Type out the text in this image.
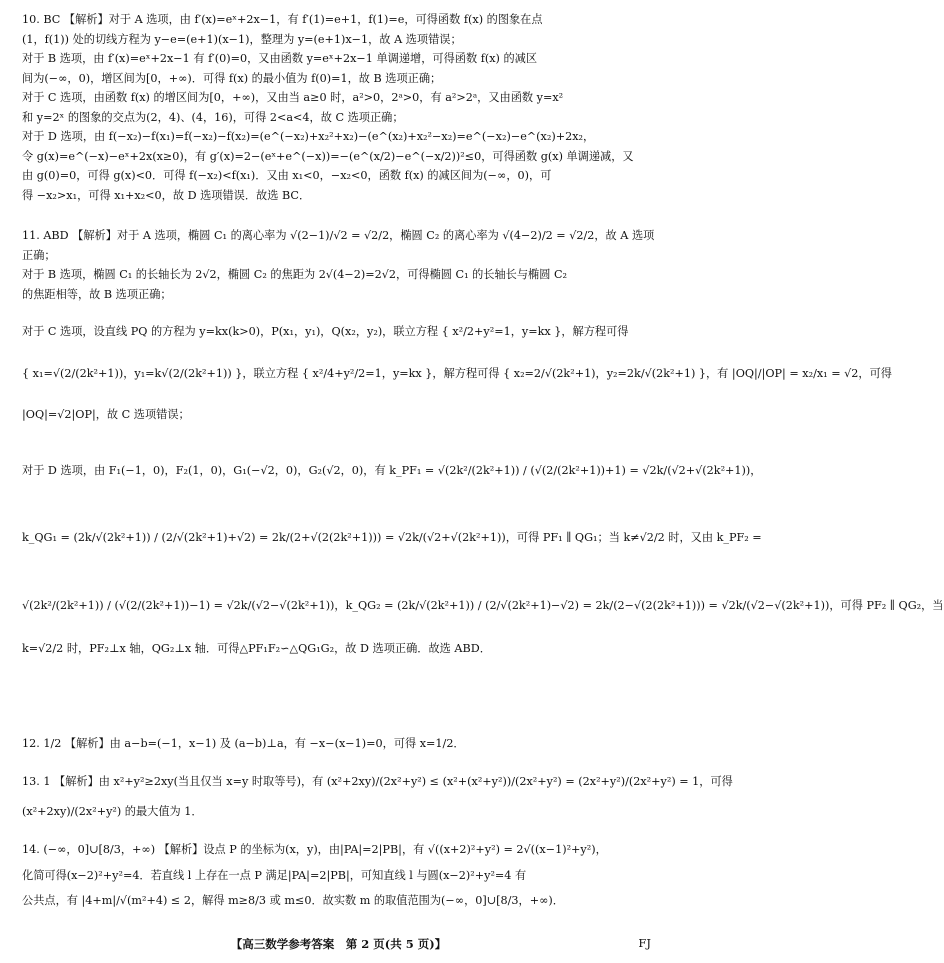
10. BC 【解析】对于 A 选项，由 f′(x)=eˣ+2x−1，有 f′(1)=e+1，f(1)=e，可得函数 f(x) 的图象在点
(1，f(1)) 处的切线方程为 y−e=(e+1)(x−1)，整理为 y=(e+1)x−1，故 A 选项错误；
对于 B 选项，由 f′(x)=eˣ+2x−1 有 f′(0)=0，又由函数 y=eˣ+2x−1 单调递增，可得函数 f(x) 的减区
间为(−∞，0)，增区间为[0，+∞)．可得 f(x) 的最小值为 f(0)=1，故 B 选项正确；
对于 C 选项，由函数 f(x) 的增区间为[0，+∞)，又由当 a≥0 时，a²>0，2ᵃ>0，有 a²>2ᵃ，又由函数 y=x²
和 y=2ˣ 的图象的交点为(2，4)、(4，16)，可得 2<a<4，故 C 选项正确；
对于 D 选项，由 f(−x₂)−f(x₁)=f(−x₂)−f(x₂)=(e^(−x₂)+x₂²+x₂)−(e^(x₂)+x₂²−x₂)=e^(−x₂)−e^(x₂)+2x₂，
令 g(x)=e^(−x)−eˣ+2x(x≥0)，有 g′(x)=2−(eˣ+e^(−x))=−(e^(x/2)−e^(−x/2))²≤0，可得函数 g(x) 单调递减，又
由 g(0)=0，可得 g(x)<0．可得 f(−x₂)<f(x₁)．又由 x₁<0，−x₂<0，函数 f(x) 的减区间为(−∞，0)，可
得 −x₂>x₁，可得 x₁+x₂<0，故 D 选项错误．故选 BC．
11. ABD 【解析】对于 A 选项，椭圆 C₁ 的离心率为 √(2−1)/√2 = √2/2，椭圆 C₂ 的离心率为 √(4−2)/2 = √2/2，故 A 选项
正确；
对于 B 选项，椭圆 C₁ 的长轴长为 2√2，椭圆 C₂ 的焦距为 2√(4−2)=2√2，可得椭圆 C₁ 的长轴长与椭圆 C₂
的焦距相等，故 B 选项正确；
对于 C 选项，设直线 PQ 的方程为 y=kx(k>0)，P(x₁，y₁)，Q(x₂，y₂)，联立方程 { x²/2+y²=1，y=kx }，解方程可得
{ x₁=√(2/(2k²+1))，y₁=k√(2/(2k²+1)) }，联立方程 { x²/4+y²/2=1，y=kx }，解方程可得 { x₂=2/√(2k²+1)，y₂=2k/√(2k²+1) }，有 |OQ|/|OP| = x₂/x₁ = √2，可得
|OQ|=√2|OP|，故 C 选项错误；
对于 D 选项，由 F₁(−1，0)，F₂(1，0)，G₁(−√2，0)，G₂(√2，0)，有 k_PF₁ = √(2k²/(2k²+1)) / (√(2/(2k²+1))+1) = √2k/(√2+√(2k²+1))，
k_QG₁ = (2k/√(2k²+1)) / (2/√(2k²+1)+√2) = 2k/(2+√(2(2k²+1))) = √2k/(√2+√(2k²+1))，可得 PF₁ ∥ QG₁；当 k≠√2/2 时，又由 k_PF₂ =
√(2k²/(2k²+1)) / (√(2/(2k²+1))−1) = √2k/(√2−√(2k²+1))，k_QG₂ = (2k/√(2k²+1)) / (2/√(2k²+1)−√2) = 2k/(2−√(2(2k²+1))) = √2k/(√2−√(2k²+1))，可得 PF₂ ∥ QG₂，当
k=√2/2 时，PF₂⊥x 轴，QG₂⊥x 轴．可得△PF₁F₂∽△QG₁G₂，故 D 选项正确．故选 ABD．
12. 1/2 【解析】由 a−b=(−1，x−1) 及 (a−b)⊥a，有 −x−(x−1)=0，可得 x=1/2．
13. 1 【解析】由 x²+y²≥2xy(当且仅当 x=y 时取等号)，有 (x²+2xy)/(2x²+y²) ≤ (x²+(x²+y²))/(2x²+y²) = (2x²+y²)/(2x²+y²) = 1，可得
(x²+2xy)/(2x²+y²) 的最大值为 1．
14. (−∞，0]∪[8/3，+∞) 【解析】设点 P 的坐标为(x，y)，由|PA|=2|PB|，有 √((x+2)²+y²) = 2√((x−1)²+y²)，
化简可得(x−2)²+y²=4．若直线 l 上存在一点 P 满足|PA|=2|PB|，可知直线 l 与圆(x−2)²+y²=4 有
公共点，有 |4+m|/√(m²+4) ≤ 2，解得 m≥8/3 或 m≤0．故实数 m 的取值范围为(−∞，0]∪[8/3，+∞)．
【高三数学参考答案　第 2 页(共 5 页)】	FJ
